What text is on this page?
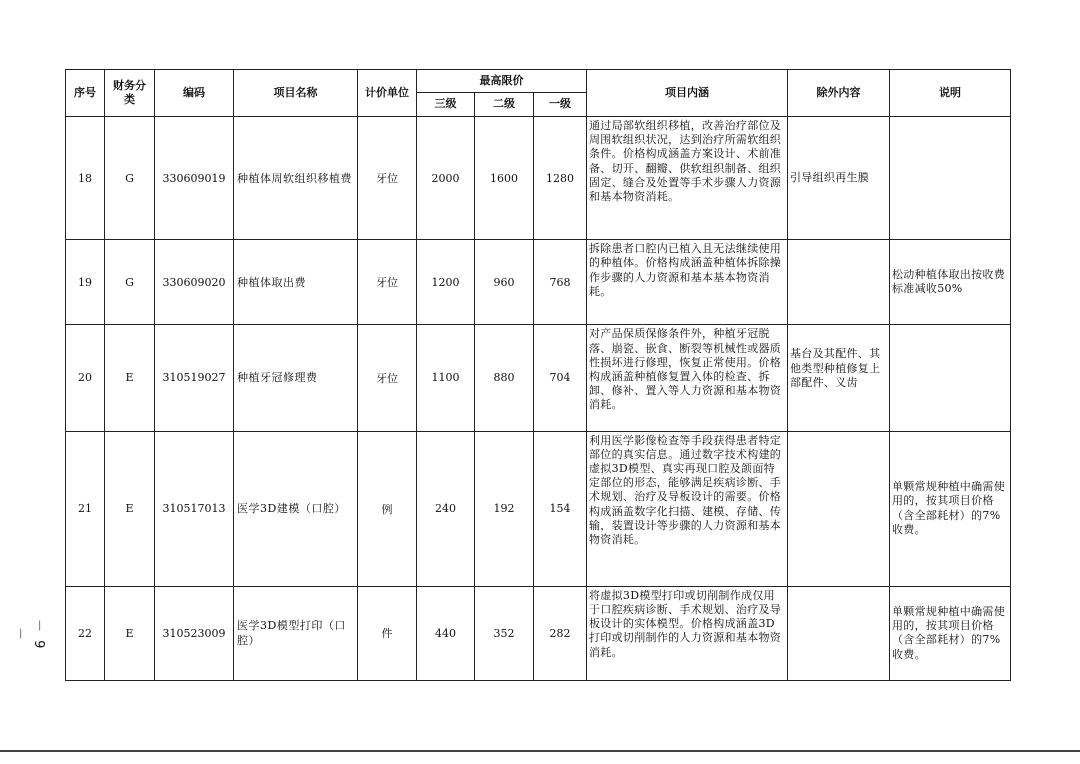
序号	财务分类	编码	项目名称	计价单位	最高限价			项目内涵	除外内容	说明
					三级	二级	一级			
18	G	330609019	种植体周软组织移植费	牙位	2000	1600	1280	通过局部软组织移植，改善治疗部位及周围软组织状况，达到治疗所需软组织条件。价格构成涵盖方案设计、术前准备、切开、翻瓣、供软组织制备、组织固定、缝合及处置等手术步骤人力资源和基本物资消耗。	引导组织再生膜	
19	G	330609020	种植体取出费	牙位	1200	960	768	拆除患者口腔内已植入且无法继续使用的种植体。价格构成涵盖种植体拆除操作步骤的人力资源和基本基本物资消耗。		松动种植体取出按收费标准减收50%
20	E	310519027	种植牙冠修理费	牙位	1100	880	704	对产品保质保修条件外，种植牙冠脱落、崩瓷、嵌食、断裂等机械性或器质性损坏进行修理，恢复正常使用。价格构成涵盖种植修复置入体的检查、拆卸、修补、置入等人力资源和基本物资消耗。	基台及其配件、其他类型种植修复上部配件、义齿	
21	E	310517013	医学3D建模（口腔）	例	240	192	154	利用医学影像检查等手段获得患者特定部位的真实信息。通过数字技术构建的虚拟3D模型、真实再现口腔及颌面特定部位的形态，能够满足疾病诊断、手术规划、治疗及导板设计的需要。价格构成涵盖数字化扫描、建模、存储、传输，装置设计等步骤的人力资源和基本物资消耗。		单颗常规种植中确需使用的，按其项目价格（含全部耗材）的7%收费。
22	E	310523009	医学3D模型打印（口腔）	件	440	352	282	将虚拟3D模型打印或切削制作成仅用于口腔疾病诊断、手术规划、治疗及导板设计的实体模型。价格构成涵盖3D打印或切削制作的人力资源和基本物资消耗。		单颗常规种植中确需使用的，按其项目价格（含全部耗材）的7%收费。
－ 9 －
